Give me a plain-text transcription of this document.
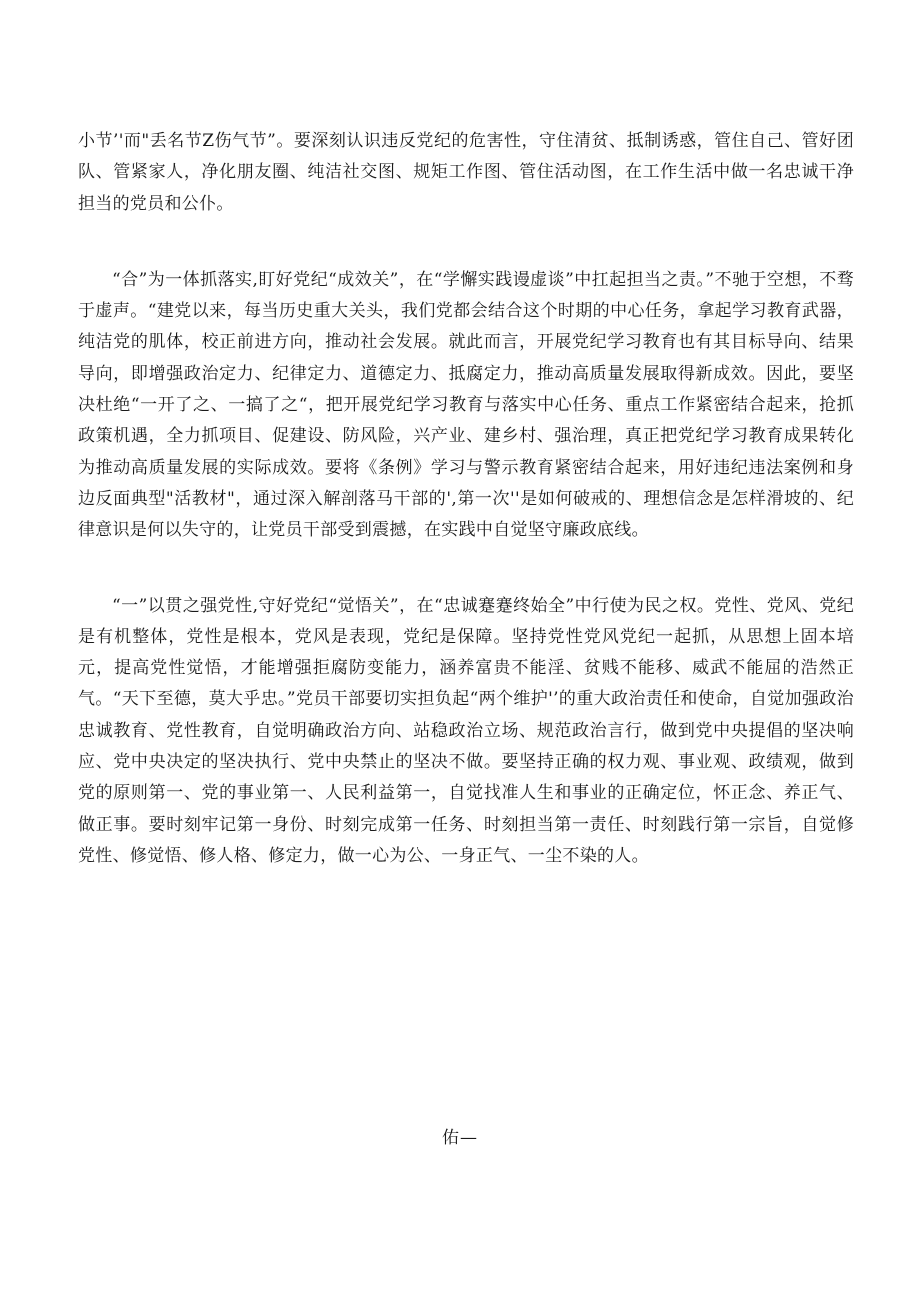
小节’'而"丢名节Z伤气节”。要深刻认识违反党纪的危害性，守住清贫、抵制诱惑，管住自己、管好团队、管紧家人，净化朋友圈、纯洁社交图、规矩工作图、管住活动图，在工作生活中做一名忠诚干净担当的党员和公仆。

“合”为一体抓落实,盯好党纪“成效关”，在“学懈实践谩虚谈”中扛起担当之责。”不驰于空想，不骛于虚声。“建党以来，每当历史重大关头，我们党都会结合这个时期的中心任务，拿起学习教育武器，纯洁党的肌体，校正前进方向，推动社会发展。就此而言，开展党纪学习教育也有其目标导向、结果导向，即增强政治定力、纪律定力、道德定力、抵腐定力，推动高质量发展取得新成效。因此，要坚决杜绝“一开了之、一搞了之“，把开展党纪学习教育与落实中心任务、重点工作紧密结合起来，抢抓政策机遇，全力抓项目、促建设、防风险，兴产业、建乡村、强治理，真正把党纪学习教育成果转化为推动高质量发展的实际成效。要将《条例》学习与警示教育紧密结合起来，用好违纪违法案例和身边反面典型"活教材"，通过深入解剖落马干部的',第一次''是如何破戒的、理想信念是怎样滑坡的、纪律意识是何以失守的，让党员干部受到震撼，在实践中自觉坚守廉政底线。

“一”以贯之强党性,守好党纪“觉悟关”，在“忠诚蹇蹇终始全”中行使为民之权。党性、党风、党纪是有机整体，党性是根本，党风是表现，党纪是保障。坚持党性党风党纪一起抓，从思想上固本培元，提高党性觉悟，才能增强拒腐防变能力，涵养富贵不能淫、贫贱不能移、威武不能屈的浩然正气。“天下至德，莫大乎忠。”党员干部要切实担负起“两个维护'’的重大政治责任和使命，自觉加强政治忠诚教育、党性教育，自觉明确政治方向、站稳政治立场、规范政治言行，做到党中央提倡的坚决响应、党中央决定的坚决执行、党中央禁止的坚决不做。要坚持正确的权力观、事业观、政绩观，做到党的原则第一、党的事业第一、人民利益第一，自觉找准人生和事业的正确定位，怀正念、养正气、做正事。要时刻牢记第一身份、时刻完成第一任务、时刻担当第一责任、时刻践行第一宗旨，自觉修党性、修觉悟、修人格、修定力，做一心为公、一身正气、一尘不染的人。

佑—
